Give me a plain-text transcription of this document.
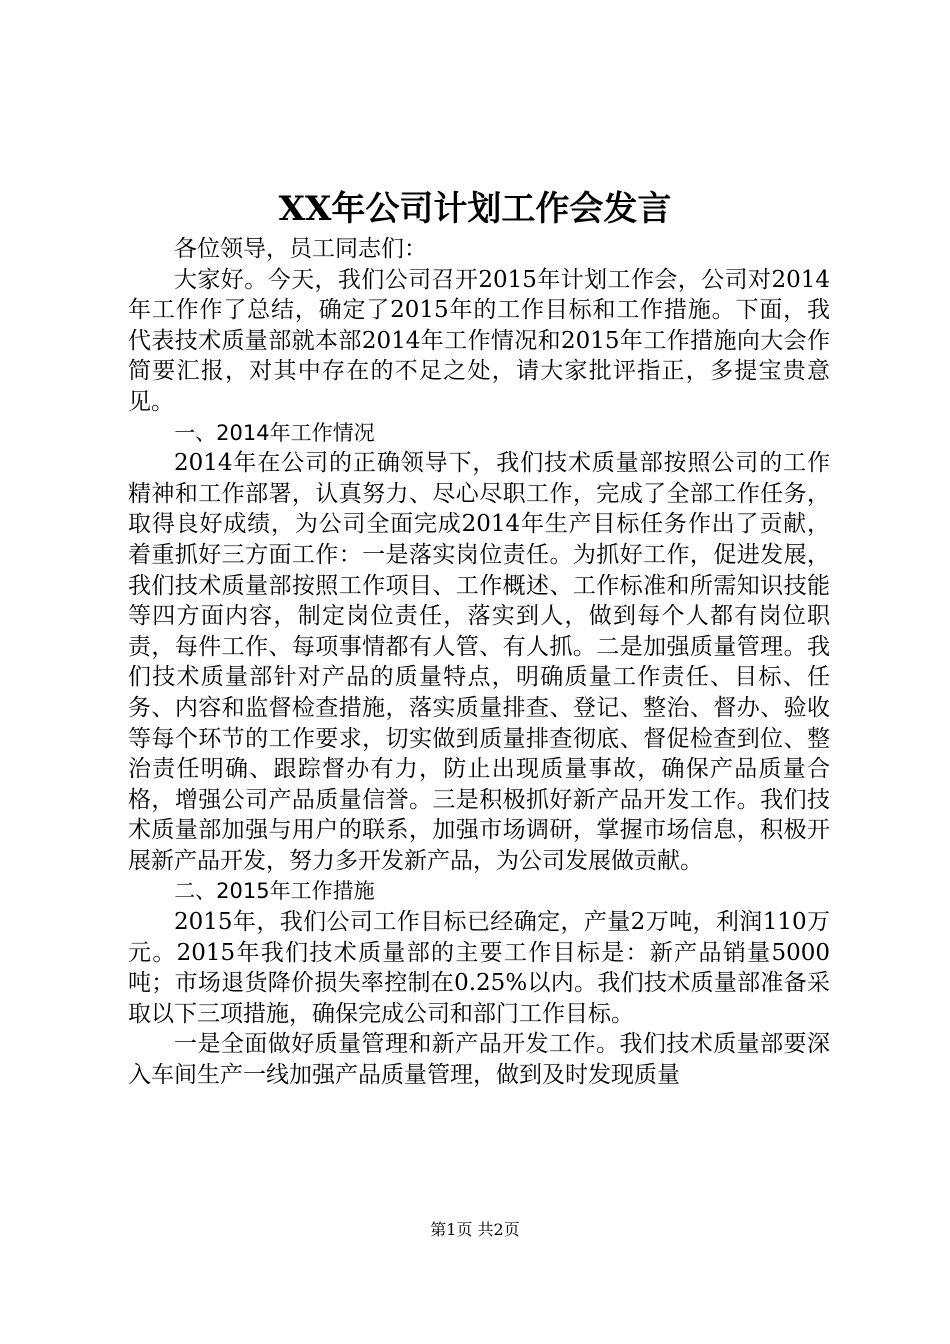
XX年公司计划工作会发言

各位领导，员工同志们：

大家好。今天，我们公司召开2015年计划工作会，公司对2014年工作作了总结，确定了2015年的工作目标和工作措施。下面，我代表技术质量部就本部2014年工作情况和2015年工作措施向大会作简要汇报，对其中存在的不足之处，请大家批评指正，多提宝贵意见。

一、2014年工作情况

2014年在公司的正确领导下，我们技术质量部按照公司的工作精神和工作部署，认真努力、尽心尽职工作，完成了全部工作任务，取得良好成绩，为公司全面完成2014年生产目标任务作出了贡献，着重抓好三方面工作：一是落实岗位责任。为抓好工作，促进发展，我们技术质量部按照工作项目、工作概述、工作标准和所需知识技能等四方面内容，制定岗位责任，落实到人，做到每个人都有岗位职责，每件工作、每项事情都有人管、有人抓。二是加强质量管理。我们技术质量部针对产品的质量特点，明确质量工作责任、目标、任务、内容和监督检查措施，落实质量排查、登记、整治、督办、验收等每个环节的工作要求，切实做到质量排查彻底、督促检查到位、整治责任明确、跟踪督办有力，防止出现质量事故，确保产品质量合格，增强公司产品质量信誉。三是积极抓好新产品开发工作。我们技术质量部加强与用户的联系，加强市场调研，掌握市场信息，积极开展新产品开发，努力多开发新产品，为公司发展做贡献。

二、2015年工作措施

2015年，我们公司工作目标已经确定，产量2万吨，利润110万元。2015年我们技术质量部的主要工作目标是：新产品销量5000吨；市场退货降价损失率控制在0.25%以内。我们技术质量部准备采取以下三项措施，确保完成公司和部门工作目标。

一是全面做好质量管理和新产品开发工作。我们技术质量部要深入车间生产一线加强产品质量管理，做到及时发现质量

第1页 共2页
